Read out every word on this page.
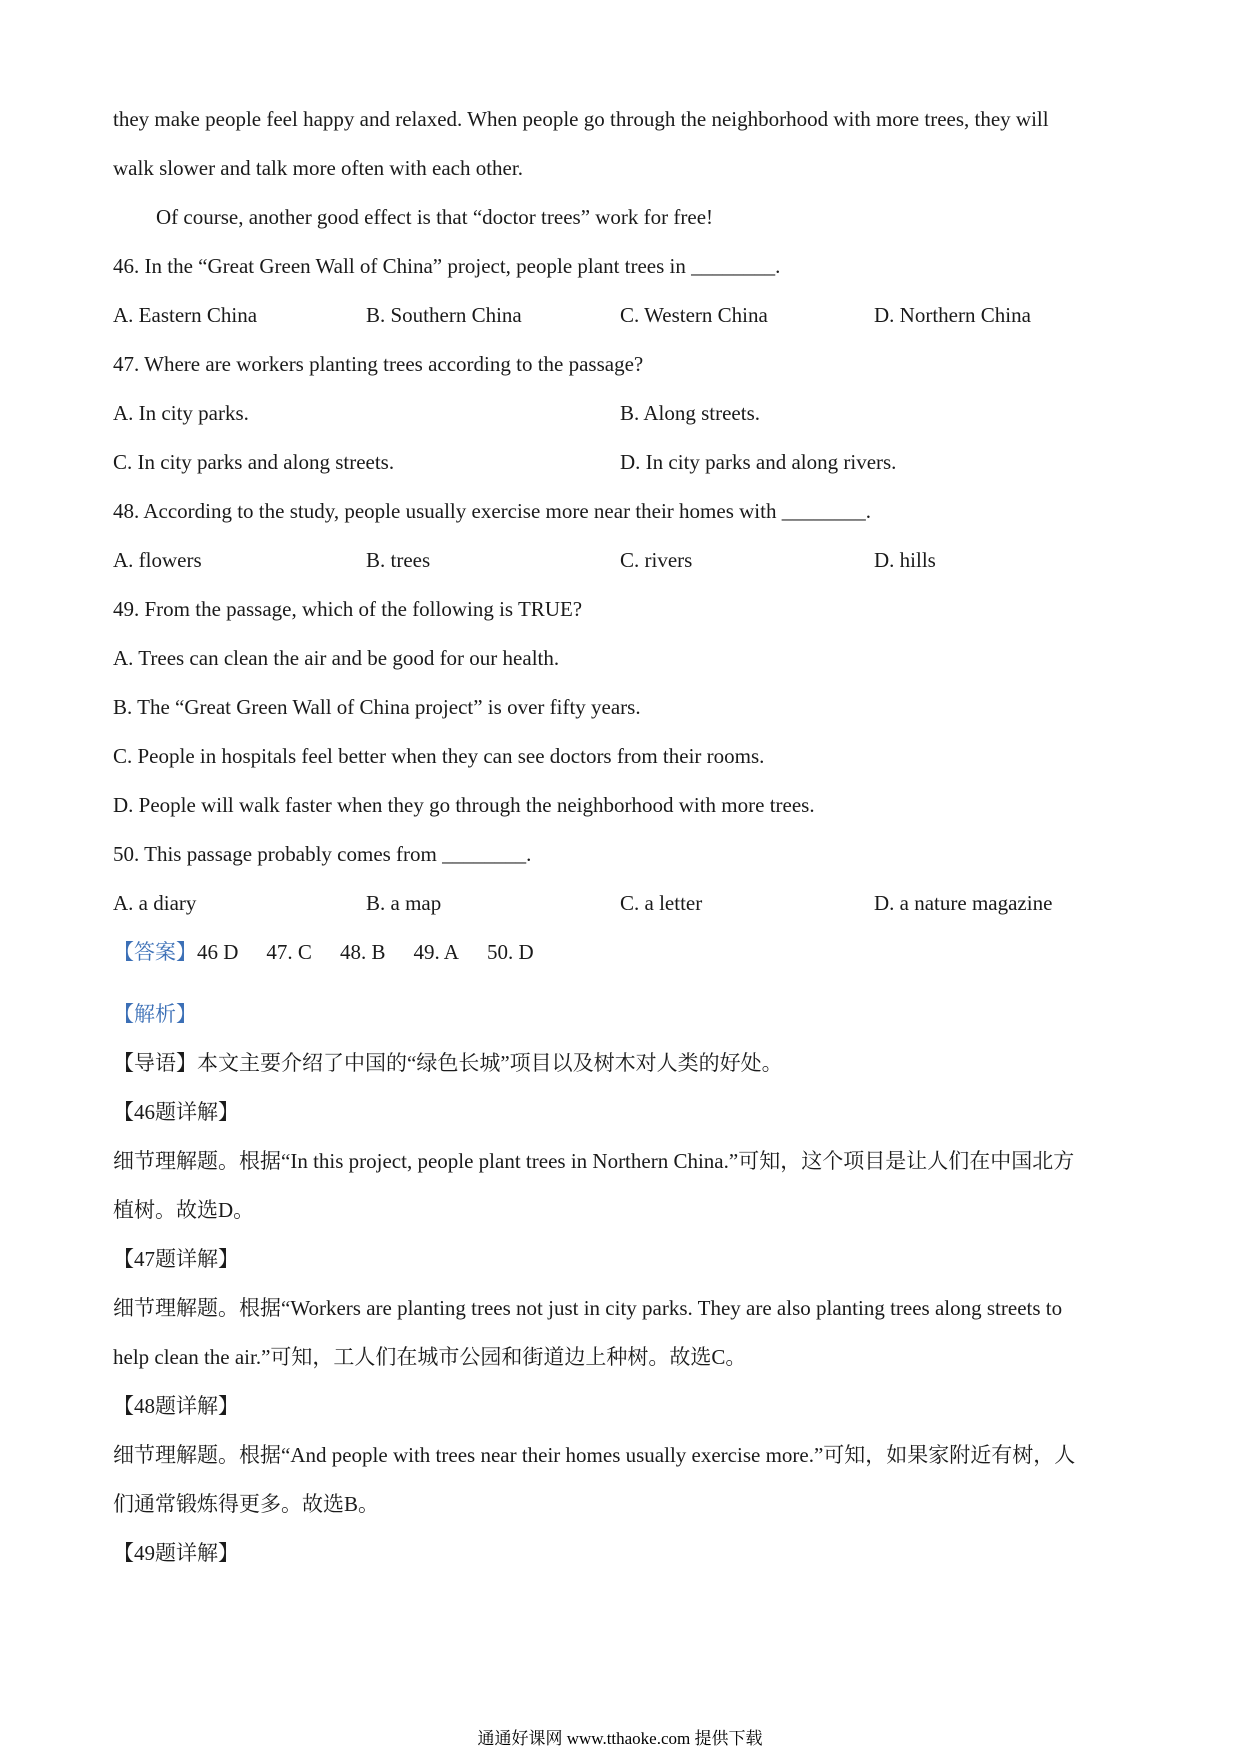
they make people feel happy and relaxed. When people go through the neighborhood with more trees, they will

walk slower and talk more often with each other.

Of course, another good effect is that “doctor trees” work for free!

46. In the “Great Green Wall of China” project, people plant trees in ________.

A. Eastern China	B. Southern China	C. Western China	D. Northern China

47. Where are workers planting trees according to the passage?

A. In city parks.	B. Along streets.
C. In city parks and along streets.	D. In city parks and along rivers.

48. According to the study, people usually exercise more near their homes with ________.

A. flowers	B. trees	C. rivers	D. hills

49. From the passage, which of the following is TRUE?

A. Trees can clean the air and be good for our health.

B. The “Great Green Wall of China project” is over fifty years.

C. People in hospitals feel better when they can see doctors from their rooms.

D. People will walk faster when they go through the neighborhood with more trees.

50. This passage probably comes from ________.

A. a diary	B. a map	C. a letter	D. a nature magazine
【答案】46 D 47. C 48. B 49. A 50. D

【解析】

【导语】本文主要介绍了中国的“绿色长城”项目以及树木对人类的好处。

【46题详解】

细节理解题。根据“In this project, people plant trees in Northern China.”可知，这个项目是让人们在中国北方

植树。故选D。

【47题详解】

细节理解题。根据“Workers are planting trees not just in city parks. They are also planting trees along streets to

help clean the air.”可知，工人们在城市公园和街道边上种树。故选C。

【48题详解】

细节理解题。根据“And people with trees near their homes usually exercise more.”可知，如果家附近有树，人

们通常锻炼得更多。故选B。

【49题详解】

通通好课网 www.tthaoke.com 提供下载
